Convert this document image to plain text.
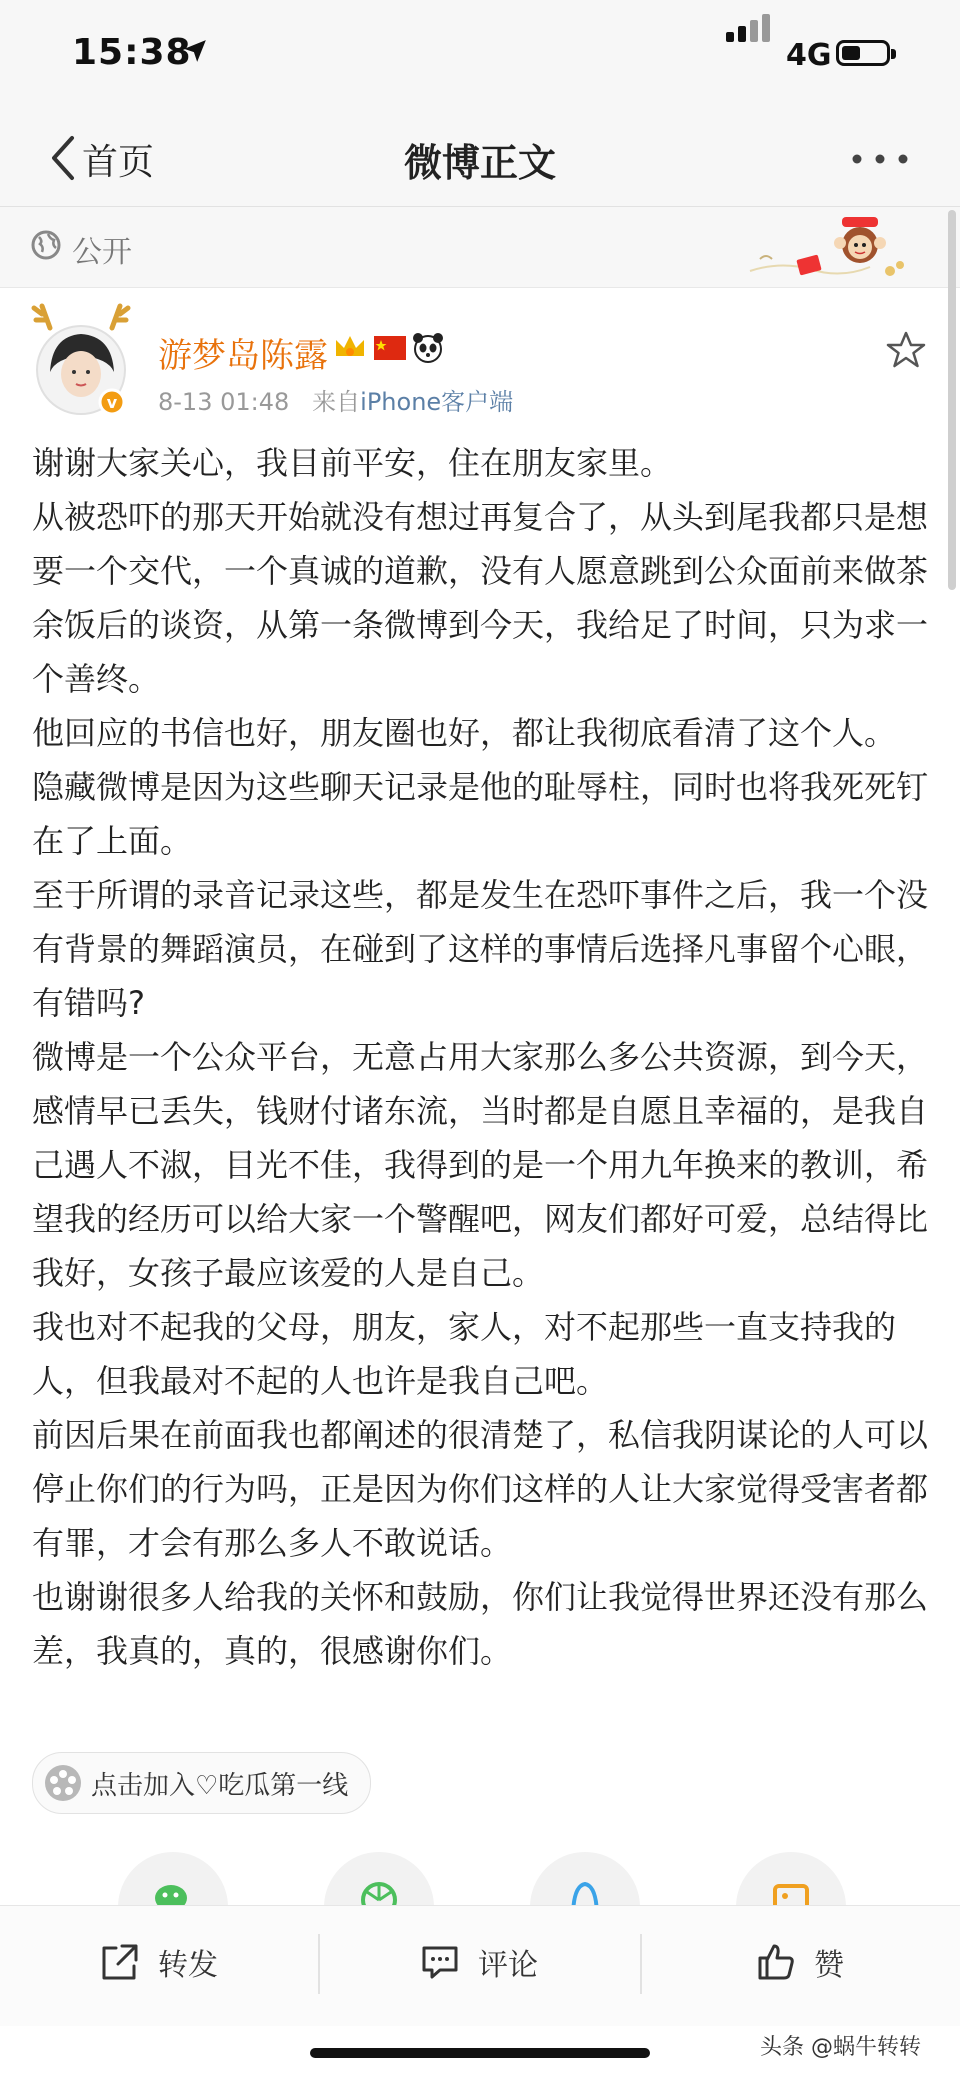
15:38	4G
首页	微博正文
公开
v
游梦岛陈露
8-13 01:48 来自iPhone客户端

谢谢大家关心，我目前平安，住在朋友家里。

从被恐吓的那天开始就没有想过再复合了，从头到尾我都只是想要一个交代，一个真诚的道歉，没有人愿意跳到公众面前来做茶余饭后的谈资，从第一条微博到今天，我给足了时间，只为求一个善终。

他回应的书信也好，朋友圈也好，都让我彻底看清了这个人。

隐藏微博是因为这些聊天记录是他的耻辱柱，同时也将我死死钉在了上面。

至于所谓的录音记录这些，都是发生在恐吓事件之后，我一个没有背景的舞蹈演员，在碰到了这样的事情后选择凡事留个心眼，有错吗?

微博是一个公众平台，无意占用大家那么多公共资源，到今天，感情早已丢失，钱财付诸东流，当时都是自愿且幸福的，是我自己遇人不淑，目光不佳，我得到的是一个用九年换来的教训，希望我的经历可以给大家一个警醒吧，网友们都好可爱，总结得比我好，女孩子最应该爱的人是自己。

我也对不起我的父母，朋友，家人，对不起那些一直支持我的人，但我最对不起的人也许是我自己吧。

前因后果在前面我也都阐述的很清楚了，私信我阴谋论的人可以停止你们的行为吗，正是因为你们这样的人让大家觉得受害者都有罪，才会有那么多人不敢说话。

也谢谢很多人给我的关怀和鼓励，你们让我觉得世界还没有那么差，我真的，真的，很感谢你们。

点击加入♡吃瓜第一线
转发	评论	赞
头条 @蜗牛转转
